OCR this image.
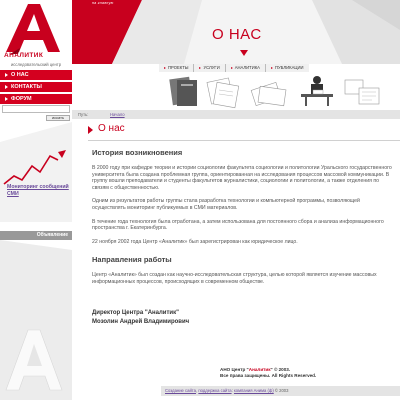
АНАЛИТИК
исследовательский центр
О НАС
КОНТАКТЫ
ФОРУМ
искать
Мониторинг сообщений СМИ
Объявление
на главную
О НАС
ПРОЕКТЫ	УСЛУГИ	АНАЛИТИКА	ПУБЛИКАЦИИ
Путь:	Начало
О нас
История возникновения

В 2000 году при кафедре теории и истории социологии факультета социологии и политологии Уральского государственного университета была создана проблемная группа, ориентированная на исследования процессов массовой коммуникации. В группу вошли преподаватели и студенты факультетов журналистики, социологии и политологии, а также отделения по связям с общественностью.

Одним из результатов работы группы стала разработка технологии и компьютерной программы, позволяющей осуществлять мониторинг публикуемых в СМИ материалов.

В течение года технология была отработана, а затем использована для постоянного сбора и анализа информационного пространства г. Екатеринбурга.

22 ноября 2002 года Центр «Аналитик» был зарегистрирован как юридическое лицо.

Направления работы

Центр «Аналитик» был создан как научно-исследовательская структура, целью которой является изучение массовых информационных процессов, происходящих в современном обществе.

Директор Центра "Аналитик"
Мозолин Андрей Владимирович
АНО Центр "Аналитик" © 2003.
Все права защищены. All Rights Reserved.
Создание сайта, поддержка сайта: компания Анима (ф) © 2003
